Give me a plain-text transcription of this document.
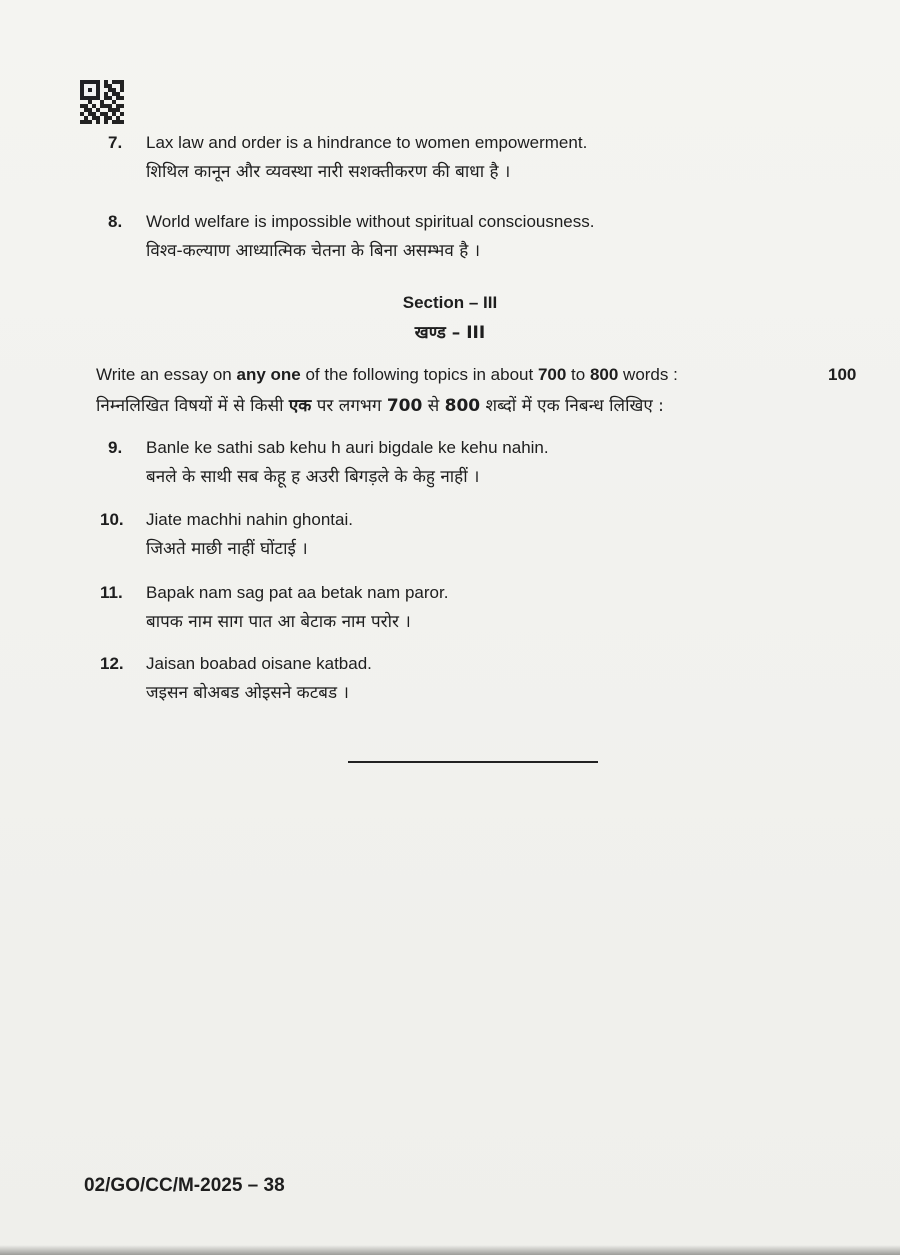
7.	Lax law and order is a hindrance to women empowerment.
शिथिल कानून और व्यवस्था नारी सशक्तीकरण की बाधा है ।
8.	World welfare is impossible without spiritual consciousness.
विश्व-कल्याण आध्यात्मिक चेतना के बिना असम्भव है ।
Section – III
खण्ड – III
Write an essay on any one of the following topics in about 700 to 800 words :
निम्नलिखित विषयों में से किसी एक पर लगभग 700 से 800 शब्दों में एक निबन्ध लिखिए :
100
9.	Banle ke sathi sab kehu h auri bigdale ke kehu nahin.
बनले के साथी सब केहू ह अउरी बिगड़ले के केहु नाहीं ।
10.	Jiate machhi nahin ghontai.
जिअते माछी नाहीं घोंटाई ।
11.	Bapak nam sag pat aa betak nam paror.
बापक नाम साग पात आ बेटाक नाम परोर ।
12.	Jaisan boabad oisane katbad.
जइसन बोअबड ओइसने कटबड ।
02/GO/CC/M-2025 – 38
